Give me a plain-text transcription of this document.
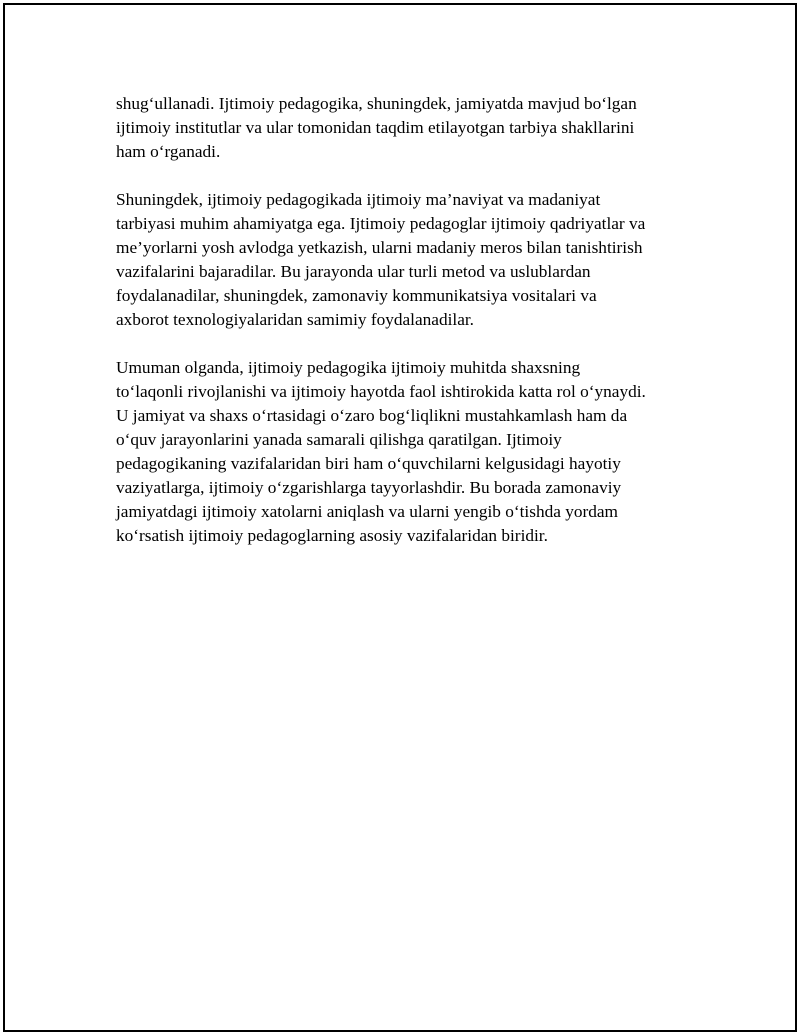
shug‘ullanadi. Ijtimoiy pedagogika, shuningdek, jamiyatda mavjud bo‘lgan
ijtimoiy institutlar va ular tomonidan taqdim etilayotgan tarbiya shakllarini
ham o‘rganadi.

Shuningdek, ijtimoiy pedagogikada ijtimoiy ma’naviyat va madaniyat
tarbiyasi muhim ahamiyatga ega. Ijtimoiy pedagoglar ijtimoiy qadriyatlar va
me’yorlarni yosh avlodga yetkazish, ularni madaniy meros bilan tanishtirish
vazifalarini bajaradilar. Bu jarayonda ular turli metod va uslublardan
foydalanadilar, shuningdek, zamonaviy kommunikatsiya vositalari va
axborot texnologiyalaridan samimiy foydalanadilar.

Umuman olganda, ijtimoiy pedagogika ijtimoiy muhitda shaxsning
to‘laqonli rivojlanishi va ijtimoiy hayotda faol ishtirokida katta rol o‘ynaydi.
U jamiyat va shaxs o‘rtasidagi o‘zaro bog‘liqlikni mustahkamlash ham da
o‘quv jarayonlarini yanada samarali qilishga qaratilgan. Ijtimoiy
pedagogikaning vazifalaridan biri ham o‘quvchilarni kelgusidagi hayotiy
vaziyatlarga, ijtimoiy o‘zgarishlarga tayyorlashdir. Bu borada zamonaviy
jamiyatdagi ijtimoiy xatolarni aniqlash va ularni yengib o‘tishda yordam
ko‘rsatish ijtimoiy pedagoglarning asosiy vazifalaridan biridir.
